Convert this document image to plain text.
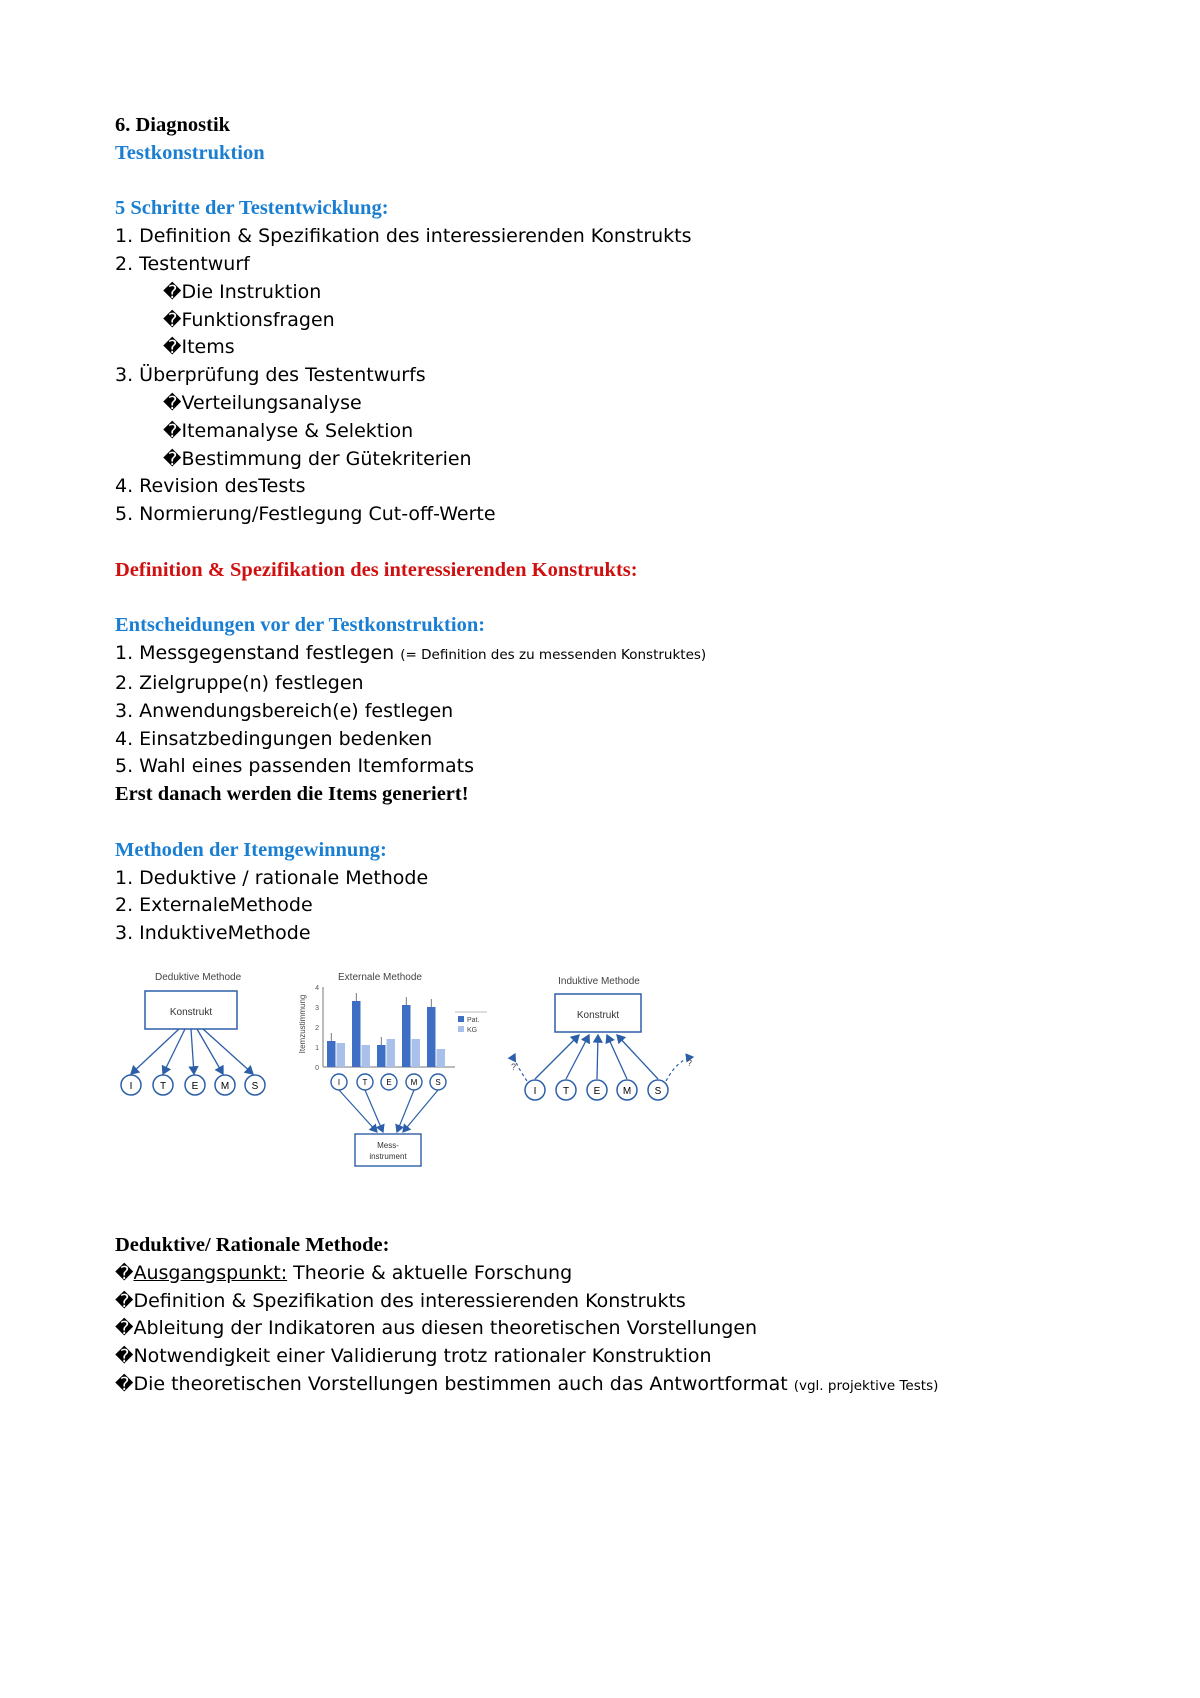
6. Diagnostik
Testkonstruktion
5 Schritte der Testentwicklung:
1. Definition & Spezifikation des interessierenden Konstrukts
2. Testentwurf
�Die Instruktion
�Funktionsfragen
�Items
3. Überprüfung des Testentwurfs
�Verteilungsanalyse
�Itemanalyse & Selektion
�Bestimmung der Gütekriterien
4. Revision desTests
5. Normierung/Festlegung Cut-off-Werte
Definition & Spezifikation des interessierenden Konstrukts:
Entscheidungen vor der Testkonstruktion:
1. Messgegenstand festlegen (= Definition des zu messenden Konstruktes)
2. Zielgruppe(n) festlegen
3. Anwendungsbereich(e) festlegen
4. Einsatzbedingungen bedenken
5. Wahl eines passenden Itemformats
Erst danach werden die Items generiert!
Methoden der Itemgewinnung:
1. Deduktive / rationale Methode
2. ExternaleMethode
3. InduktiveMethode
Deduktive Methode
Konstrukt
I	T	E M S
Externale Methode
Itemzustimmung
0
1
2
3
4
Pat.
KG
I	T E M S
Mess-
instrument
Induktive Methode
Konstrukt
I	T E M S
?	?
Deduktive/ Rationale Methode:
�Ausgangspunkt: Theorie & aktuelle Forschung
�Definition & Spezifikation des interessierenden Konstrukts
�Ableitung der Indikatoren aus diesen theoretischen Vorstellungen
�Notwendigkeit einer Validierung trotz rationaler Konstruktion
�Die theoretischen Vorstellungen bestimmen auch das Antwortformat (vgl. projektive Tests)
